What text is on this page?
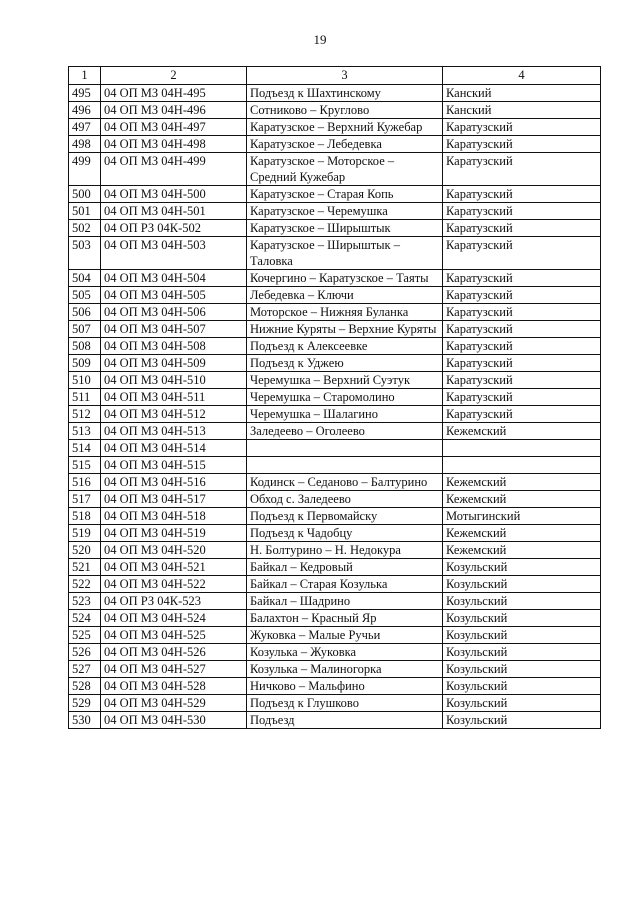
19
1	2	3	4
495	04 ОП МЗ 04Н-495	Подъезд к Шахтинскому	Канский
496	04 ОП МЗ 04Н-496	Сотниково – Круглово	Канский
497	04 ОП МЗ 04Н-497	Каратузское – Верхний Кужебар	Каратузский
498	04 ОП МЗ 04Н-498	Каратузское – Лебедевка	Каратузский
499	04 ОП МЗ 04Н-499	Каратузское – Моторское – Средний Кужебар	Каратузский
500	04 ОП МЗ 04Н-500	Каратузское – Старая Копь	Каратузский
501	04 ОП МЗ 04Н-501	Каратузское – Черемушка	Каратузский
502	04 ОП РЗ 04К-502	Каратузское – Ширыштык	Каратузский
503	04 ОП МЗ 04Н-503	Каратузское – Ширыштык – Таловка	Каратузский
504	04 ОП МЗ 04Н-504	Кочергино – Каратузское – Таяты	Каратузский
505	04 ОП МЗ 04Н-505	Лебедевка – Ключи	Каратузский
506	04 ОП МЗ 04Н-506	Моторское – Нижняя Буланка	Каратузский
507	04 ОП МЗ 04Н-507	Нижние Куряты – Верхние Куряты	Каратузский
508	04 ОП МЗ 04Н-508	Подъезд к Алексеевке	Каратузский
509	04 ОП МЗ 04Н-509	Подъезд к Уджею	Каратузский
510	04 ОП МЗ 04Н-510	Черемушка – Верхний Суэтук	Каратузский
511	04 ОП МЗ 04Н-511	Черемушка – Старомолино	Каратузский
512	04 ОП МЗ 04Н-512	Черемушка – Шалагино	Каратузский
513	04 ОП МЗ 04Н-513	Заледеево – Оголеево	Кежемский
514	04 ОП МЗ 04Н-514		
515	04 ОП МЗ 04Н-515		
516	04 ОП МЗ 04Н-516	Кодинск – Седаново – Балтурино	Кежемский
517	04 ОП МЗ 04Н-517	Обход с. Заледеево	Кежемский
518	04 ОП МЗ 04Н-518	Подъезд к Первомайску	Мотыгинский
519	04 ОП МЗ 04Н-519	Подъезд к Чадобцу	Кежемский
520	04 ОП МЗ 04Н-520	Н. Болтурино – Н. Недокура	Кежемский
521	04 ОП МЗ 04Н-521	Байкал – Кедровый	Козульский
522	04 ОП МЗ 04Н-522	Байкал – Старая Козулька	Козульский
523	04 ОП РЗ 04К-523	Байкал – Шадрино	Козульский
524	04 ОП МЗ 04Н-524	Балахтон – Красный Яр	Козульский
525	04 ОП МЗ 04Н-525	Жуковка – Малые Ручьи	Козульский
526	04 ОП МЗ 04Н-526	Козулька – Жуковка	Козульский
527	04 ОП МЗ 04Н-527	Козулька – Малиногорка	Козульский
528	04 ОП МЗ 04Н-528	Ничково – Мальфино	Козульский
529	04 ОП МЗ 04Н-529	Подъезд к Глушково	Козульский
530	04 ОП МЗ 04Н-530	Подъезд	Козульский
